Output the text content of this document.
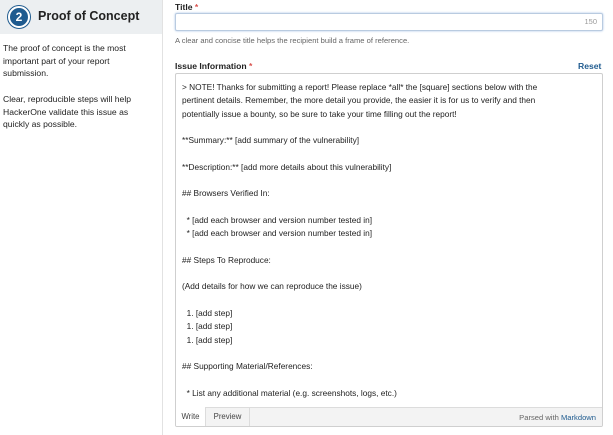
2	Proof of Concept
The proof of concept is the most important part of your report submission.
Clear, reproducible steps will help HackerOne validate this issue as quickly as possible.
Title *
150
A clear and concise title helps the recipient build a frame of reference.
Issue Information *	Reset
> NOTE! Thanks for submitting a report! Please replace *all* the [square] sections below with the
pertinent details. Remember, the more detail you provide, the easier it is for us to verify and then
potentially issue a bounty, so be sure to take your time filling out the report!
**Summary:** [add summary of the vulnerability]
**Description:** [add more details about this vulnerability]
## Browsers Verified In:
* [add each browser and version number tested in]
* [add each browser and version number tested in]
## Steps To Reproduce:
(Add details for how we can reproduce the issue)
1. [add step]
1. [add step]
1. [add step]
## Supporting Material/References:
* List any additional material (e.g. screenshots, logs, etc.)
Write	Preview	Parsed with Markdown
